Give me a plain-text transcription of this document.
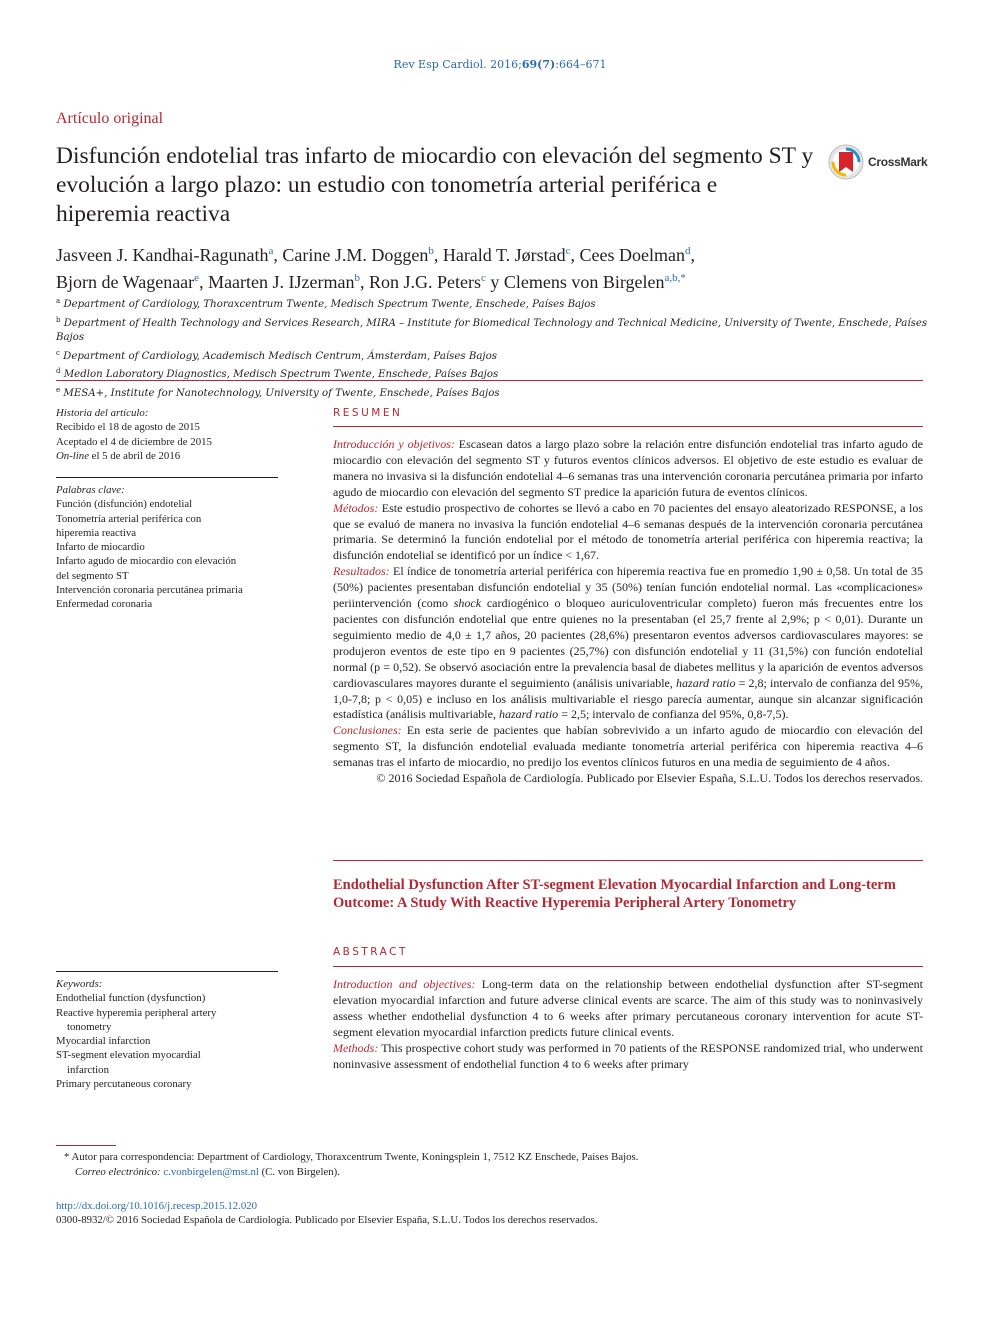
Rev Esp Cardiol. 2016;69(7):664–671
Artículo original
Disfunción endotelial tras infarto de miocardio con elevación del segmento ST y evolución a largo plazo: un estudio con tonometría arterial periférica e hiperemia reactiva
CrossMark
Jasveen J. Kandhai-Ragunath$^a$, Carine J.M. Doggen$^b$, Harald T. Jørstad$^c$, Cees Doelman$^d$,
Bjorn de Wagenaar$^e$, Maarten J. IJzerman$^b$, Ron J.G. Peters$^c$ y Clemens von Birgelen$^{a,b,*}$
$^a$ Department of Cardiology, Thoraxcentrum Twente, Medisch Spectrum Twente, Enschede, Países Bajos
$^b$ Department of Health Technology and Services Research, MIRA – Institute for Biomedical Technology and Technical Medicine, University of Twente, Enschede, Países Bajos
$^c$ Department of Cardiology, Academisch Medisch Centrum, Ámsterdam, Países Bajos
$^d$ Medlon Laboratory Diagnostics, Medisch Spectrum Twente, Enschede, Países Bajos
$^e$ MESA+, Institute for Nanotechnology, University of Twente, Enschede, Países Bajos
Historia del artículo:
Recibido el 18 de agosto de 2015
Aceptado el 4 de diciembre de 2015
On-line el 5 de abril de 2016
Palabras clave:
Función (disfunción) endotelial
Tonometría arterial periférica con
hiperemia reactiva
Infarto de miocardio
Infarto agudo de miocardio con elevación
del segmento ST
Intervención coronaria percutánea primaria
Enfermedad coronaria
RESUMEN

Introducción y objetivos: Escasean datos a largo plazo sobre la relación entre disfunción endotelial tras infarto agudo de miocardio con elevación del segmento ST y futuros eventos clínicos adversos. El objetivo de este estudio es evaluar de manera no invasiva si la disfunción endotelial 4–6 semanas tras una intervención coronaria percutánea primaria por infarto agudo de miocardio con elevación del segmento ST predice la aparición futura de eventos clínicos.

Métodos: Este estudio prospectivo de cohortes se llevó a cabo en 70 pacientes del ensayo aleatorizado RESPONSE, a los que se evaluó de manera no invasiva la función endotelial 4–6 semanas después de la intervención coronaria percutánea primaria. Se determinó la función endotelial por el método de tonometría arterial periférica con hiperemia reactiva; la disfunción endotelial se identificó por un índice < 1,67.

Resultados: El índice de tonometría arterial periférica con hiperemia reactiva fue en promedio 1,90 ± 0,58. Un total de 35 (50%) pacientes presentaban disfunción endotelial y 35 (50%) tenían función endotelial normal. Las «complicaciones» periintervención (como shock cardiogénico o bloqueo auriculoventricular completo) fueron más frecuentes entre los pacientes con disfunción endotelial que entre quienes no la presentaban (el 25,7 frente al 2,9%; p < 0,01). Durante un seguimiento medio de 4,0 ± 1,7 años, 20 pacientes (28,6%) presentaron eventos adversos cardiovasculares mayores: se produjeron eventos de este tipo en 9 pacientes (25,7%) con disfunción endotelial y 11 (31,5%) con función endotelial normal (p = 0,52). Se observó asociación entre la prevalencia basal de diabetes mellitus y la aparición de eventos adversos cardiovasculares mayores durante el seguimiento (análisis univariable, hazard ratio = 2,8; intervalo de confianza del 95%, 1,0-7,8; p < 0,05) e incluso en los análisis multivariable el riesgo parecía aumentar, aunque sin alcanzar significación estadística (análisis multivariable, hazard ratio = 2,5; intervalo de confianza del 95%, 0,8-7,5).

Conclusiones: En esta serie de pacientes que habían sobrevivido a un infarto agudo de miocardio con elevación del segmento ST, la disfunción endotelial evaluada mediante tonometría arterial periférica con hiperemia reactiva 4–6 semanas tras el infarto de miocardio, no predijo los eventos clínicos futuros en una media de seguimiento de 4 años.

© 2016 Sociedad Española de Cardiología. Publicado por Elsevier España, S.L.U. Todos los derechos reservados.

Endothelial Dysfunction After ST-segment Elevation Myocardial Infarction and Long-term Outcome: A Study With Reactive Hyperemia Peripheral Artery Tonometry
ABSTRACT

Introduction and objectives: Long-term data on the relationship between endothelial dysfunction after ST-segment elevation myocardial infarction and future adverse clinical events are scarce. The aim of this study was to noninvasively assess whether endothelial dysfunction 4 to 6 weeks after primary percutaneous coronary intervention for acute ST-segment elevation myocardial infarction predicts future clinical events.

Methods: This prospective cohort study was performed in 70 patients of the RESPONSE randomized trial, who underwent noninvasive assessment of endothelial function 4 to 6 weeks after primary

Keywords:
Endothelial function (dysfunction)
Reactive hyperemia peripheral artery
tonometry
Myocardial infarction
ST-segment elevation myocardial
infarction
Primary percutaneous coronary
* Autor para correspondencia: Department of Cardiology, Thoraxcentrum Twente, Koningsplein 1, 7512 KZ Enschede, Países Bajos.
Correo electrónico: c.vonbirgelen@mst.nl (C. von Birgelen).
http://dx.doi.org/10.1016/j.recesp.2015.12.020
0300-8932/© 2016 Sociedad Española de Cardiología. Publicado por Elsevier España, S.L.U. Todos los derechos reservados.
